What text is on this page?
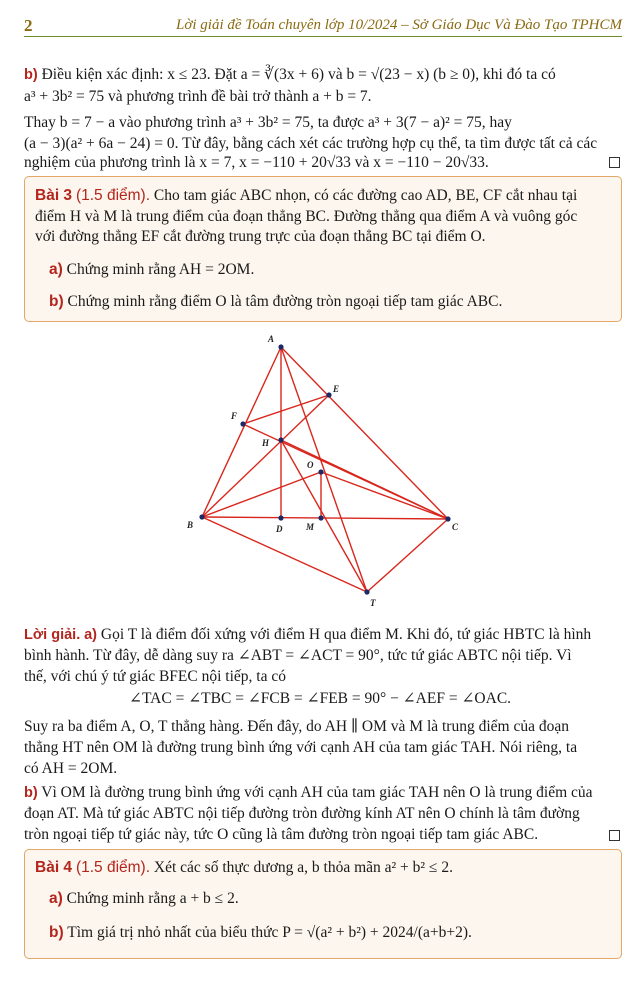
2	Lời giải đề Toán chuyên lớp 10/2024 – Sở Giáo Dục Và Đào Tạo TPHCM
b) Điều kiện xác định: x ≤ 23. Đặt a = ∛(3x + 6) và b = √(23 − x) (b ≥ 0), khi đó ta có
a³ + 3b² = 75 và phương trình đề bài trở thành a + b = 7.
Thay b = 7 − a vào phương trình a³ + 3b² = 75, ta được a³ + 3(7 − a)² = 75, hay
(a − 3)(a² + 6a − 24) = 0. Từ đây, bằng cách xét các trường hợp cụ thể, ta tìm được tất cả các
nghiệm của phương trình là x = 7, x = −110 + 20√33 và x = −110 − 20√33.
Bài 3 (1.5 điểm). Cho tam giác ABC nhọn, có các đường cao AD, BE, CF cắt nhau tại
điểm H và M là trung điểm của đoạn thẳng BC. Đường thẳng qua điểm A và vuông góc
với đường thẳng EF cắt đường trung trực của đoạn thẳng BC tại điểm O.
a) Chứng minh rằng AH = 2OM.
b) Chứng minh rằng điểm O là tâm đường tròn ngoại tiếp tam giác ABC.
A
B	C
D
E
F
H
M
O
T
Lời giải. a) Gọi T là điểm đối xứng với điểm H qua điểm M. Khi đó, tứ giác HBTC là hình
bình hành. Từ đây, dễ dàng suy ra ∠ABT = ∠ACT = 90°, tức tứ giác ABTC nội tiếp. Vì
thế, với chú ý tứ giác BFEC nội tiếp, ta có
∠TAC = ∠TBC = ∠FCB = ∠FEB = 90° − ∠AEF = ∠OAC.
Suy ra ba điểm A, O, T thẳng hàng. Đến đây, do AH ∥ OM và M là trung điểm của đoạn
thẳng HT nên OM là đường trung bình ứng với cạnh AH của tam giác TAH. Nói riêng, ta
có AH = 2OM.
b) Vì OM là đường trung bình ứng với cạnh AH của tam giác TAH nên O là trung điểm của
đoạn AT. Mà tứ giác ABTC nội tiếp đường tròn đường kính AT nên O chính là tâm đường
tròn ngoại tiếp tứ giác này, tức O cũng là tâm đường tròn ngoại tiếp tam giác ABC.
Bài 4 (1.5 điểm). Xét các số thực dương a, b thỏa mãn a² + b² ≤ 2.
a) Chứng minh rằng a + b ≤ 2.
b) Tìm giá trị nhỏ nhất của biểu thức P = √(a² + b²) + 2024/(a+b+2).
